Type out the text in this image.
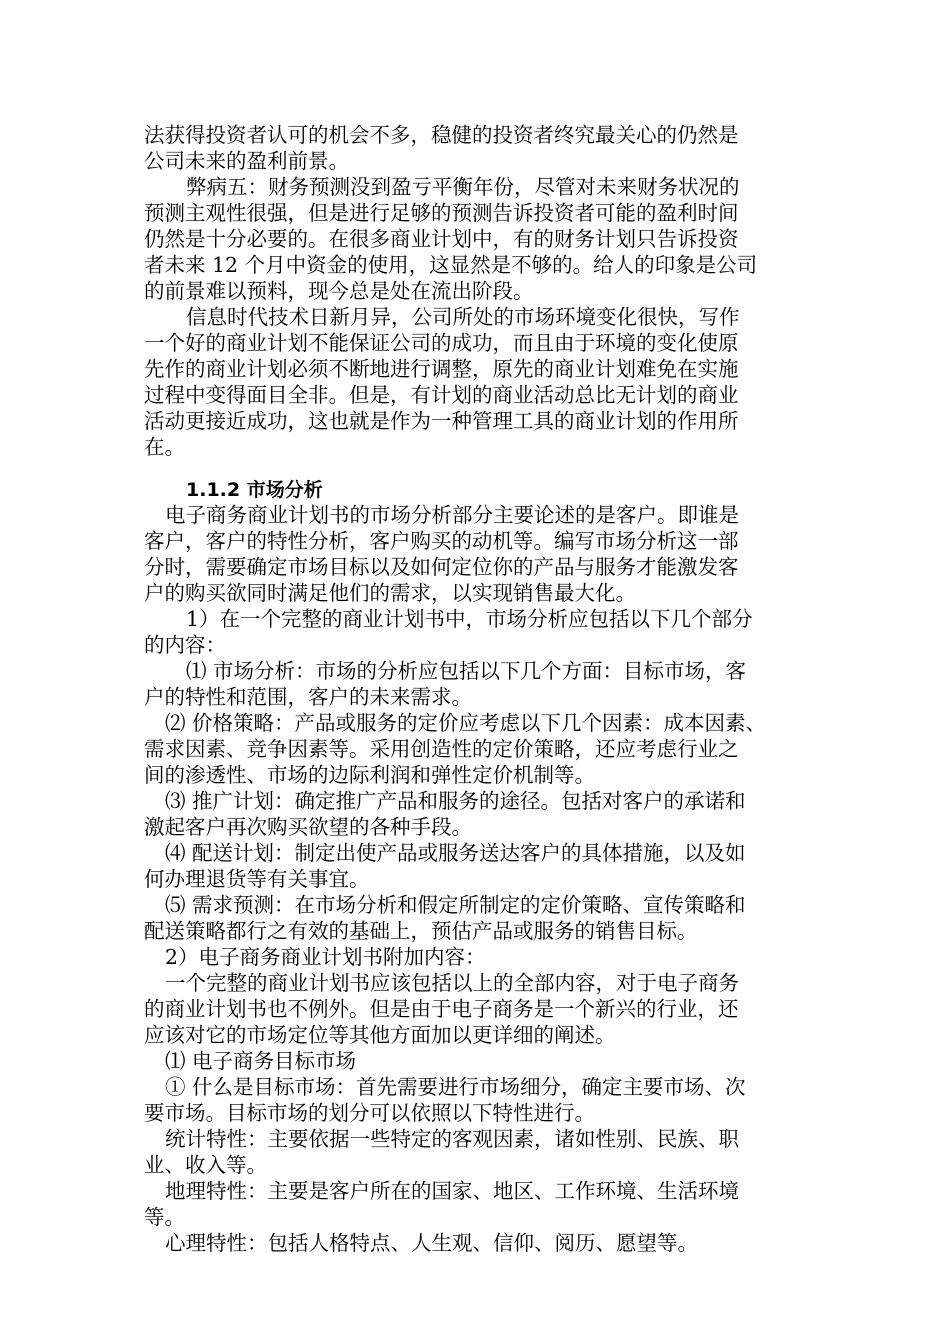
法获得投资者认可的机会不多，稳健的投资者终究最关心的仍然是

公司未来的盈利前景。

弊病五：财务预测没到盈亏平衡年份，尽管对未来财务状况的

预测主观性很强，但是进行足够的预测告诉投资者可能的盈利时间

仍然是十分必要的。在很多商业计划中，有的财务计划只告诉投资

者未来 12 个月中资金的使用，这显然是不够的。给人的印象是公司

的前景难以预料，现今总是处在流出阶段。

信息时代技术日新月异，公司所处的市场环境变化很快，写作

一个好的商业计划不能保证公司的成功，而且由于环境的变化使原

先作的商业计划必须不断地进行调整，原先的商业计划难免在实施

过程中变得面目全非。但是，有计划的商业活动总比无计划的商业

活动更接近成功，这也就是作为一种管理工具的商业计划的作用所

在。

1.1.2 市场分析

电子商务商业计划书的市场分析部分主要论述的是客户。即谁是

客户，客户的特性分析，客户购买的动机等。编写市场分析这一部

分时，需要确定市场目标以及如何定位你的产品与服务才能激发客

户的购买欲同时满足他们的需求，以实现销售最大化。

1）在一个完整的商业计划书中，市场分析应包括以下几个部分

的内容：

⑴ 市场分析：市场的分析应包括以下几个方面：目标市场，客

户的特性和范围，客户的未来需求。

⑵ 价格策略：产品或服务的定价应考虑以下几个因素：成本因素、

需求因素、竞争因素等。采用创造性的定价策略，还应考虑行业之

间的渗透性、市场的边际利润和弹性定价机制等。

⑶ 推广计划：确定推广产品和服务的途径。包括对客户的承诺和

激起客户再次购买欲望的各种手段。

⑷ 配送计划：制定出使产品或服务送达客户的具体措施，以及如

何办理退货等有关事宜。

⑸ 需求预测：在市场分析和假定所制定的定价策略、宣传策略和

配送策略都行之有效的基础上，预估产品或服务的销售目标。

2）电子商务商业计划书附加内容：

一个完整的商业计划书应该包括以上的全部内容，对于电子商务

的商业计划书也不例外。但是由于电子商务是一个新兴的行业，还

应该对它的市场定位等其他方面加以更详细的阐述。

⑴ 电子商务目标市场

① 什么是目标市场：首先需要进行市场细分，确定主要市场、次

要市场。目标市场的划分可以依照以下特性进行。

统计特性：主要依据一些特定的客观因素，诸如性别、民族、职

业、收入等。

地理特性：主要是客户所在的国家、地区、工作环境、生活环境

等。

心理特性：包括人格特点、人生观、信仰、阅历、愿望等。
